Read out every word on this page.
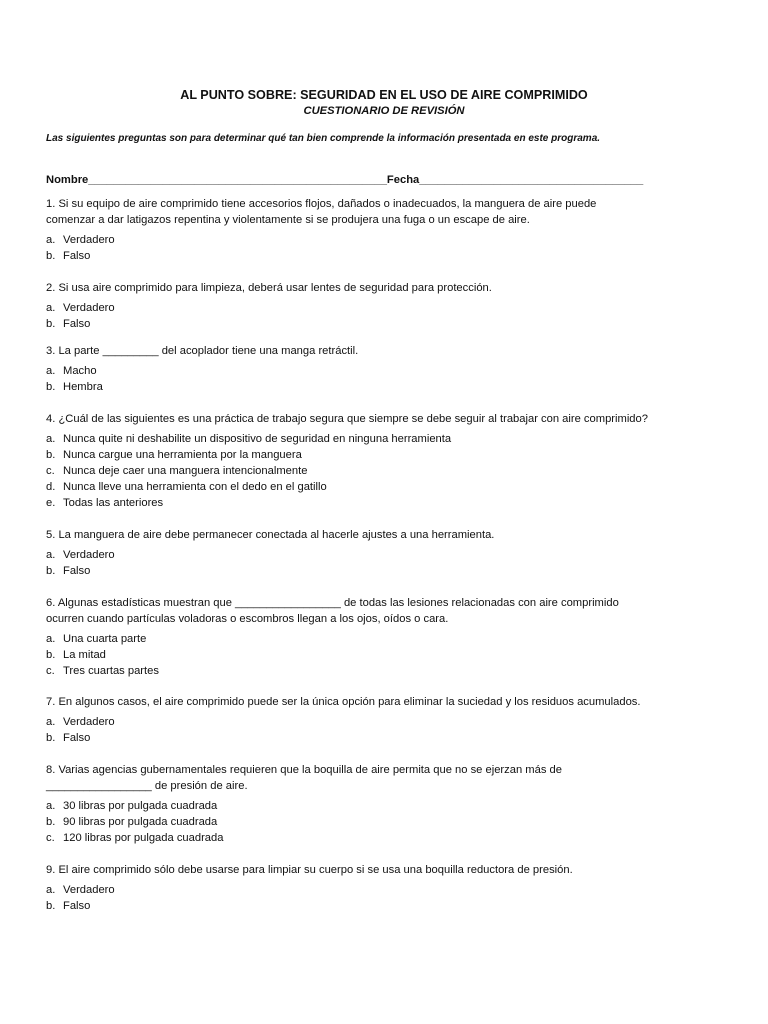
AL PUNTO SOBRE: SEGURIDAD EN EL USO DE AIRE COMPRIMIDO
CUESTIONARIO DE REVISIÓN
Las siguientes preguntas son para determinar qué tan bien comprende la información presentada en este programa.
Nombre________________________________________________Fecha____________________________________
1. Si su equipo de aire comprimido tiene accesorios flojos, dañados o inadecuados, la manguera de aire puede
comenzar a dar latigazos repentina y violentamente si se produjera una fuga o un escape de aire.
a. Verdadero
b. Falso
2. Si usa aire comprimido para limpieza, deberá usar lentes de seguridad para protección.
a. Verdadero
b. Falso
3. La parte _________ del acoplador tiene una manga retráctil.
a. Macho
b. Hembra
4. ¿Cuál de las siguientes es una práctica de trabajo segura que siempre se debe seguir al trabajar con aire comprimido?
a. Nunca quite ni deshabilite un dispositivo de seguridad en ninguna herramienta
b. Nunca cargue una herramienta por la manguera
c. Nunca deje caer una manguera intencionalmente
d. Nunca lleve una herramienta con el dedo en el gatillo
e. Todas las anteriores
5. La manguera de aire debe permanecer conectada al hacerle ajustes a una herramienta.
a. Verdadero
b. Falso
6. Algunas estadísticas muestran que _________________ de todas las lesiones relacionadas con aire comprimido
ocurren cuando partículas voladoras o escombros llegan a los ojos, oídos o cara.
a. Una cuarta parte
b. La mitad
c. Tres cuartas partes
7. En algunos casos, el aire comprimido puede ser la única opción para eliminar la suciedad y los residuos acumulados.
a. Verdadero
b. Falso
8. Varias agencias gubernamentales requieren que la boquilla de aire permita que no se ejerzan más de
_________________ de presión de aire.
a. 30 libras por pulgada cuadrada
b. 90 libras por pulgada cuadrada
c. 120 libras por pulgada cuadrada
9. El aire comprimido sólo debe usarse para limpiar su cuerpo si se usa una boquilla reductora de presión.
a. Verdadero
b. Falso
